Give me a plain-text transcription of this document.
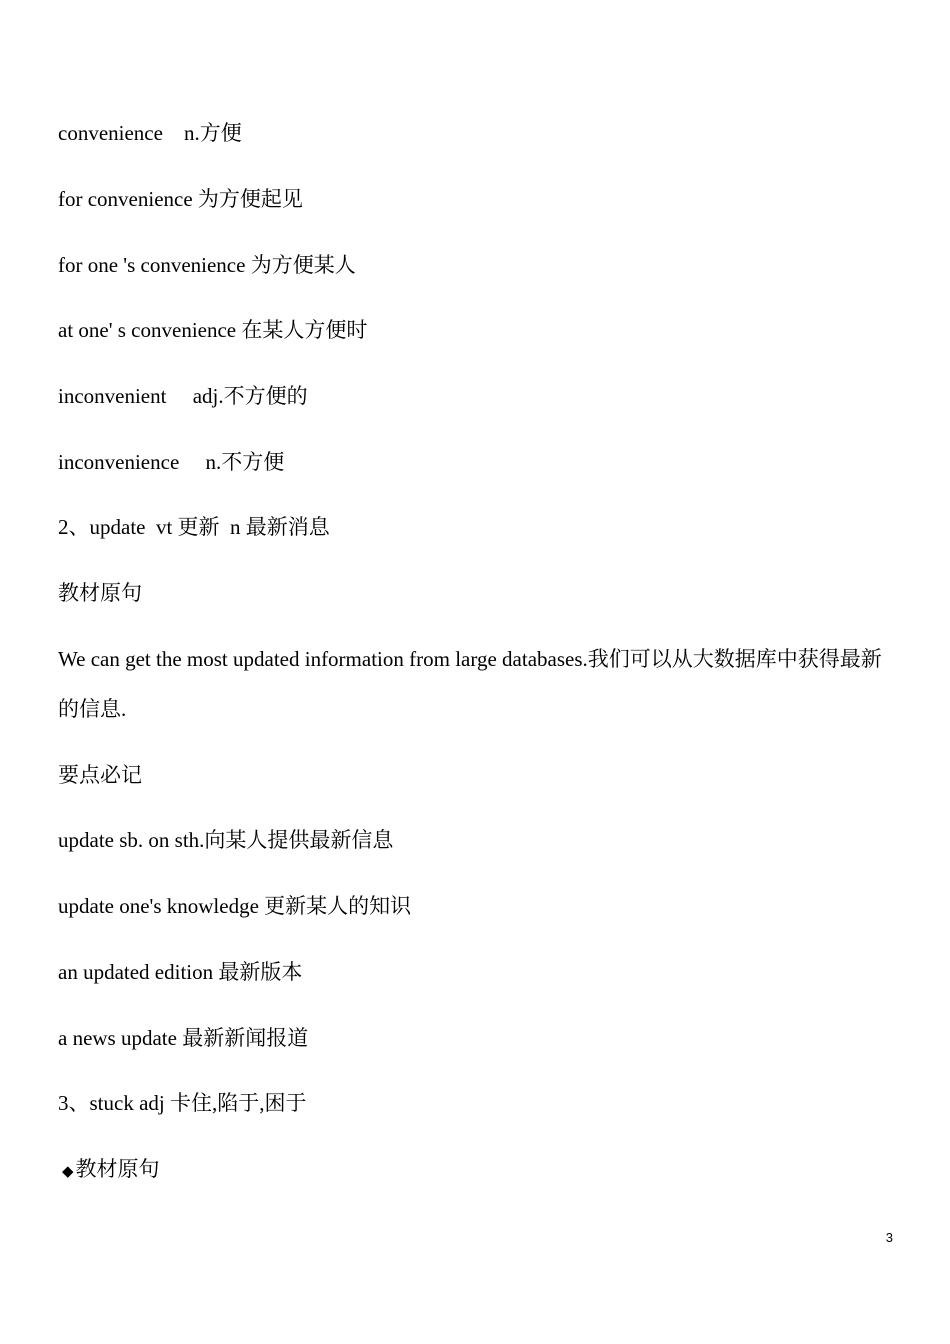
convenience    n.方便
for convenience 为方便起见
for one 's convenience 为方便某人
at one' s convenience 在某人方便时
inconvenient     adj.不方便的
inconvenience     n.不方便
2、update  vt 更新  n 最新消息
教材原句
We can get the most updated information from large databases.我们可以从大数据库中获得最新的信息.
要点必记
update sb. on sth.向某人提供最新信息
update one's knowledge 更新某人的知识
an updated edition 最新版本
a news update 最新新闻报道
3、stuck adj 卡住,陷于,困于
◆教材原句
3
